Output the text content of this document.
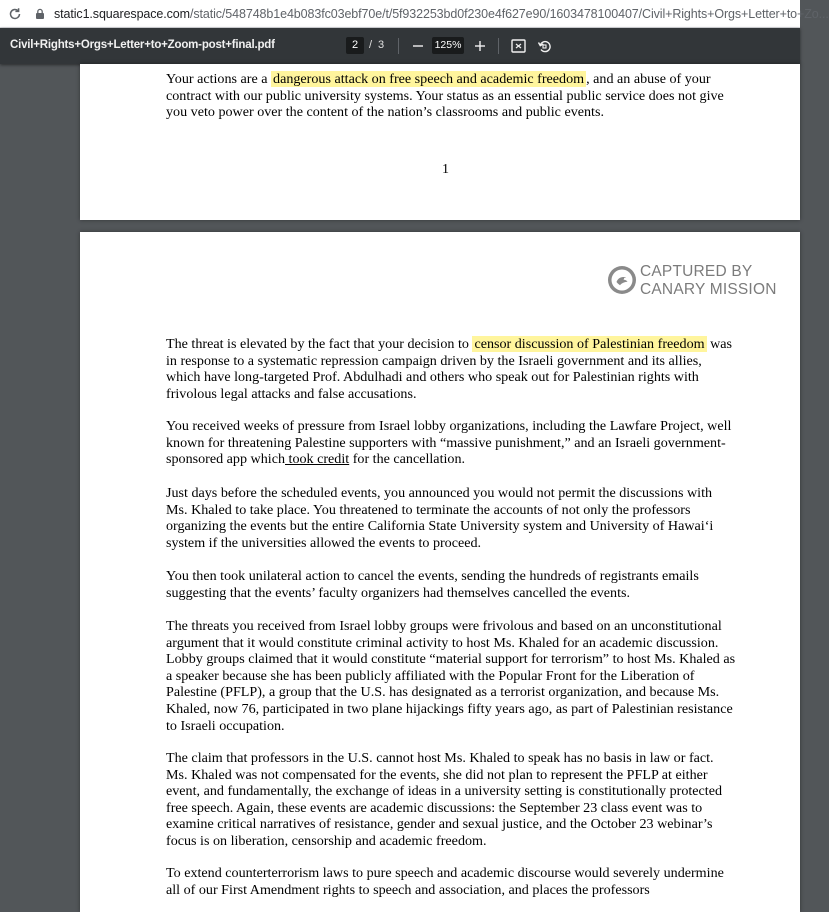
static1.squarespace.com/static/548748b1e4b083fc03ebf70e/t/5f932253bd0f230e4f627e90/1603478100407/Civil+Rights+Orgs+Letter+to+Zo...
Civil+Rights+Orgs+Letter+to+Zoom-post+final.pdf	2 / 3	125%
Your actions are a dangerous attack on free speech and academic freedom , and an abuse of your contract with our public university systems. Your status as an essential public service does not give you veto power over the content of the nation’s classrooms and public events.
1
CAPTURED BY
CANARY MISSION
The threat is elevated by the fact that your decision to censor discussion of Palestinian freedom was in response to a systematic repression campaign driven by the Israeli government and its allies, which have long-targeted Prof. Abdulhadi and others who speak out for Palestinian rights with frivolous legal attacks and false accusations.
You received weeks of pressure from Israel lobby organizations, including the Lawfare Project, well known for threatening Palestine supporters with “massive punishment,” and an Israeli government-sponsored app which took credit for the cancellation.
Just days before the scheduled events, you announced you would not permit the discussions with Ms. Khaled to take place. You threatened to terminate the accounts of not only the professors organizing the events but the entire California State University system and University of Hawai‘i system if the universities allowed the events to proceed.
You then took unilateral action to cancel the events, sending the hundreds of registrants emails suggesting that the events’ faculty organizers had themselves cancelled the events.
The threats you received from Israel lobby groups were frivolous and based on an unconstitutional argument that it would constitute criminal activity to host Ms. Khaled for an academic discussion. Lobby groups claimed that it would constitute “material support for terrorism” to host Ms. Khaled as a speaker because she has been publicly affiliated with the Popular Front for the Liberation of Palestine (PFLP), a group that the U.S. has designated as a terrorist organization, and because Ms. Khaled, now 76, participated in two plane hijackings fifty years ago, as part of Palestinian resistance to Israeli occupation.
The claim that professors in the U.S. cannot host Ms. Khaled to speak has no basis in law or fact. Ms. Khaled was not compensated for the events, she did not plan to represent the PFLP at either event, and fundamentally, the exchange of ideas in a university setting is constitutionally protected free speech. Again, these events are academic discussions: the September 23 class event was to examine critical narratives of resistance, gender and sexual justice, and the October 23 webinar’s focus is on liberation, censorship and academic freedom.
To extend counterterrorism laws to pure speech and academic discourse would severely undermine all of our First Amendment rights to speech and association, and places the professors
